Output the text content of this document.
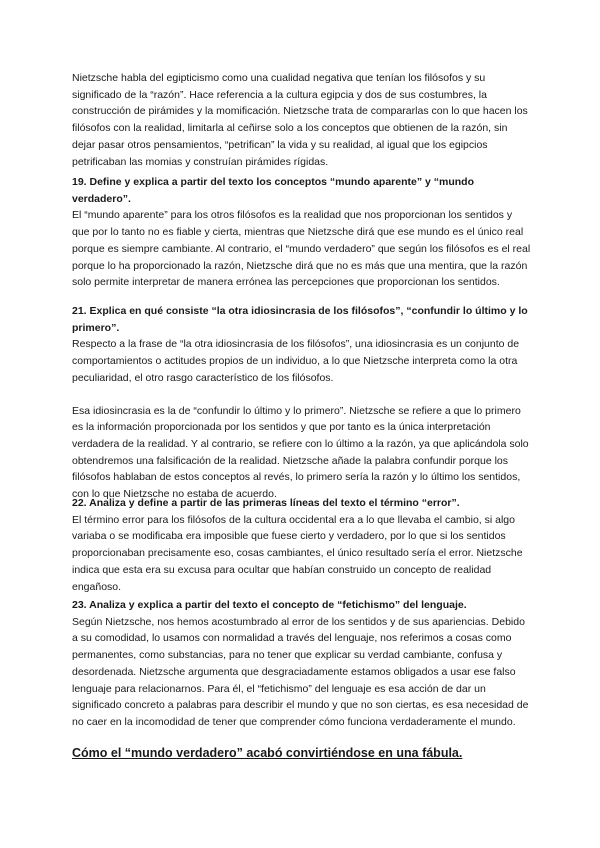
Nietzsche habla del egipticismo como una cualidad negativa que tenían los filósofos y su significado de la “razón”. Hace referencia a la cultura egipcia y dos de sus costumbres, la construcción de pirámides y la momificación. Nietzsche trata de compararlas con lo que hacen los filósofos con la realidad, limitarla al ceñirse solo a los conceptos que obtienen de la razón, sin dejar pasar otros pensamientos, “petrifican” la vida y su realidad, al igual que los egipcios petrificaban las momias y construían pirámides rígidas.

19. Define y explica a partir del texto los conceptos “mundo aparente” y “mundo verdadero”.

El “mundo aparente” para los otros filósofos es la realidad que nos proporcionan los sentidos y que por lo tanto no es fiable y cierta, mientras que Nietzsche dirá que ese mundo es el único real porque es siempre cambiante. Al contrario, el “mundo verdadero” que según los filósofos es el real porque lo ha proporcionado la razón, Nietzsche dirá que no es más que una mentira, que la razón solo permite interpretar de manera errónea las percepciones que proporcionan los sentidos.

21. Explica en qué consiste “la otra idiosincrasia de los filósofos”, “confundir lo último y lo primero”.

Respecto a la frase de “la otra idiosincrasia de los filósofos”, una idiosincrasia es un conjunto de comportamientos o actitudes propios de un individuo, a lo que Nietzsche interpreta como la otra peculiaridad, el otro rasgo característico de los filósofos.

Esa idiosincrasia es la de “confundir lo último y lo primero”. Nietzsche se refiere a que lo primero es la información proporcionada por los sentidos y que por tanto es la única interpretación verdadera de la realidad. Y al contrario, se refiere con lo último a la razón, ya que aplicándola solo obtendremos una falsificación de la realidad. Nietzsche añade la palabra confundir porque los filósofos hablaban de estos conceptos al revés, lo primero sería la razón y lo último los sentidos, con lo que Nietzsche no estaba de acuerdo.

22. Analiza y define a partir de las primeras líneas del texto el término “error”.

El término error para los filósofos de la cultura occidental era a lo que llevaba el cambio, si algo variaba o se modificaba era imposible que fuese cierto y verdadero, por lo que si los sentidos proporcionaban precisamente eso, cosas cambiantes, el único resultado sería el error. Nietzsche indica que esta era su excusa para ocultar que habían construido un concepto de realidad engañoso.

23. Analiza y explica a partir del texto el concepto de “fetichismo” del lenguaje.

Según Nietzsche, nos hemos acostumbrado al error de los sentidos y de sus apariencias. Debido a su comodidad, lo usamos con normalidad a través del lenguaje, nos referimos a cosas como permanentes, como substancias, para no tener que explicar su verdad cambiante, confusa y desordenada. Nietzsche argumenta que desgraciadamente estamos obligados a usar ese falso lenguaje para relacionarnos. Para él, el “fetichismo” del lenguaje es esa acción de dar un significado concreto a palabras para describir el mundo y que no son ciertas, es esa necesidad de no caer en la incomodidad de tener que comprender cómo funciona verdaderamente el mundo.

Cómo el “mundo verdadero” acabó convirtiéndose en una fábula.
